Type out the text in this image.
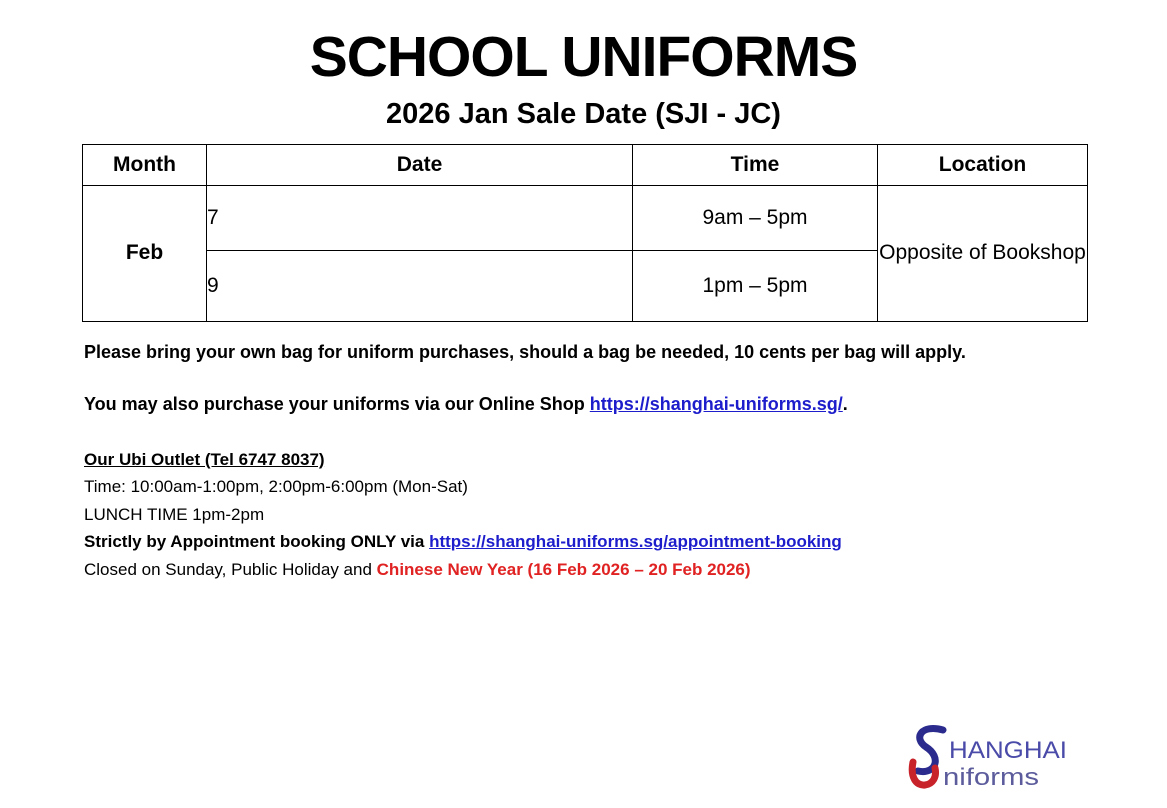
SCHOOL UNIFORMS
2026 Jan Sale Date (SJI - JC)
Month	Date	Time	Location
Feb	7	9am – 5pm	Opposite of Bookshop
	9	1pm – 5pm	

Please bring your own bag for uniform purchases, should a bag be needed, 10 cents per bag will apply.

You may also purchase your uniforms via our Online Shop https://shanghai-uniforms.sg/.

Our Ubi Outlet (Tel 6747 8037)
Time: 10:00am-1:00pm, 2:00pm-6:00pm (Mon-Sat)
LUNCH TIME 1pm-2pm
Strictly by Appointment booking ONLY via https://shanghai-uniforms.sg/appointment-booking
Closed on Sunday, Public Holiday and Chinese New Year (16 Feb 2026 – 20 Feb 2026)
HANGHAI
niforms
